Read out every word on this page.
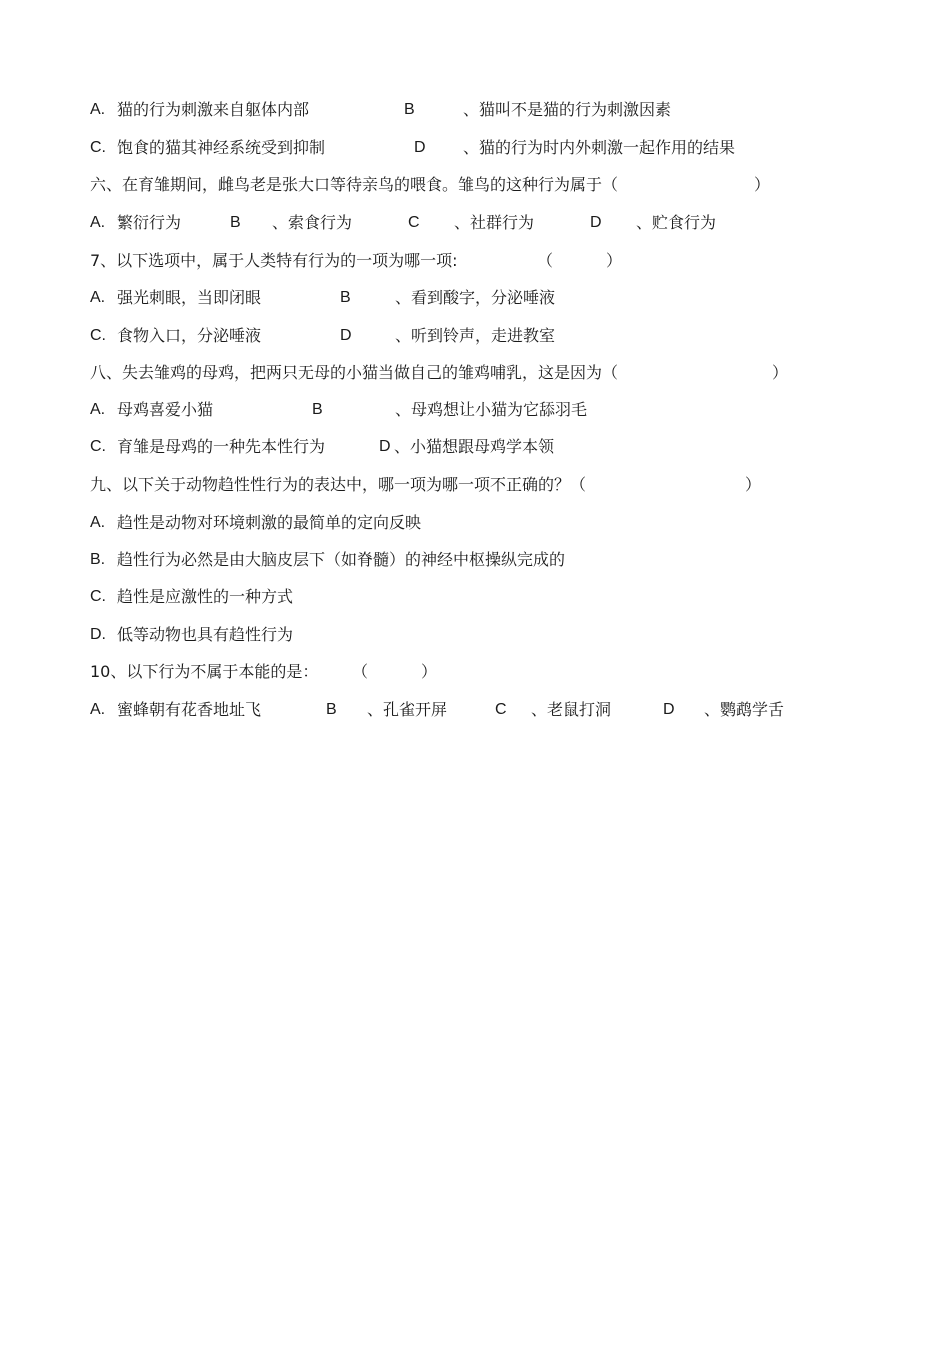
A. 猫的行为刺激来自躯体内部	B	、猫叫不是猫的行为刺激因素
C. 饱食的猫其神经系统受到抑制	D 、猫的行为时内外刺激一起作用的结果
六、在育雏期间，雌鸟老是张大口等待亲鸟的喂食。雏鸟的这种行为属于（	）
A. 繁衍行为	B 、索食行为	C 、社群行为	D 、贮食行为
7、以下选项中，属于人类特有行为的一项为哪一项:	（	）
A. 强光刺眼，当即闭眼	B	、看到酸字，分泌唾液
C. 食物入口，分泌唾液	D	、听到铃声，走进教室
八、失去雏鸡的母鸡，把两只无母的小猫当做自己的雏鸡哺乳，这是因为（	）
A. 母鸡喜爱小猫	B	、母鸡想让小猫为它舔羽毛
C. 育雏是母鸡的一种先本性行为	D 、小猫想跟母鸡学本领
九、以下关于动物趋性性行为的表达中，哪一项为哪一项不正确的？（	）
A. 趋性是动物对环境刺激的最简单的定向反映
B. 趋性行为必然是由大脑皮层下（如脊髓）的神经中枢操纵完成的
C. 趋性是应激性的一种方式
D. 低等动物也具有趋性行为
10、以下行为不属于本能的是： （	）
A. 蜜蜂朝有花香地址飞	B 、孔雀开屏	C 、老鼠打洞	D 、鹦鹉学舌
